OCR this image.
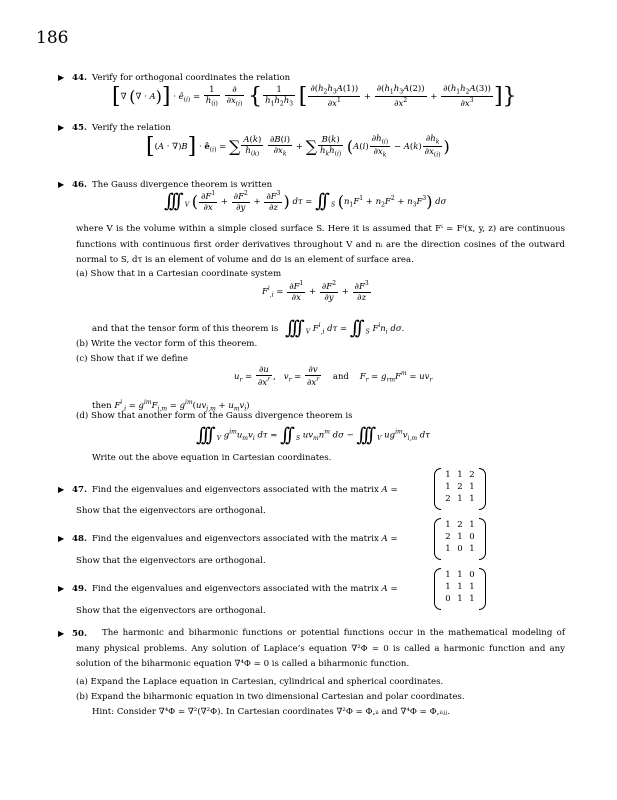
186
▶ 44. Verify for orthogonal coordinates the relation
[∇ (∇ · $A)] \cdot ê_{(i)} = \frac{1}{h_{(i)}}$
$\frac{\partial}{\partial x_{(i)}}$ { $\frac{1}{h_1h_2h_3}$ [ $\frac{\partial(h_2h_3A(1))}{\partial x^1} + \frac{\partial(h_1h_3A(2))}{\partial x^2} + \frac{\partial(h_1h_2A(3))}{\partial x^3}$ ]}
▶ 45. Verify the relation
$[(A \cdot \nabla)B] \cdot ê_{(i)}$ = ∑ $\frac{A(k)}{h_{(k)}}$
$\frac{\partial B(i)}{\partial x_k}$ + ∑ $\frac{B(k)}{h_kh_{(i)}} (A(i) \frac{\partial h_{(i)}}{\partial x_k} - A(k) \frac{\partial h_k}{\partial x_{(i)}}$ )
▶ 46. The Gauss divergence theorem is written
∫∫∫ $_V$ ( $\frac{\partial F^1}{\partial x} + \frac{\partial F^2}{\partial y} + \frac{\partial F^3}{\partial z}$ ) dτ = ∫∫ $_S$ $(n_1F^1 + n_2F^2 + n_3F^3)$ dσ
where V is the volume within a simple closed surface S. Here it is assumed that Fⁱ = Fⁱ(x, y, z) are continuous functions with continuous first order derivatives throughout V and nᵢ are the direction cosines of the outward normal to S, dτ is an element of volume and dσ is an element of surface area.
(a) Show that in a Cartesian coordinate system
$F^i_{,i} = \frac{\partial F^1}{\partial x} + \frac{\partial F^2}{\partial y} + \frac{\partial F^3}{\partial z}$
and that the tensor form of this theorem is ∫∫∫ $_V$ $F^i_{,i}$ dτ = ∫∫ $_S$ $F^in_i$ dσ.
(b) Write the vector form of this theorem.
(c) Show that if we define
$u_r = \frac{\partial u}{\partial x^r}$ ,   $v_r = \frac{\partial v}{\partial x^r}$ and $F_r = g_{rm}F^m = uv_r$
then $F^i_{,i} = g^{im}F_{i,m} = g^{im}(uv_{i,m} + u_mv_i)$
(d) Show that another form of the Gauss divergence theorem is
∫∫∫ $_V$ $g^{im}u_mv_i$ dτ = ∫∫ $_S$ $uv_mn^m$ dσ − ∫∫∫ $_V$ $ug^{im}v_{i,m}$ dτ
Write out the above equation in Cartesian coordinates.
▶ 47. Find the eigenvalues and eigenvectors associated with the matrix A =
1	1	2
1	2	1
2	1	1
Show that the eigenvectors are orthogonal.
▶ 48. Find the eigenvalues and eigenvectors associated with the matrix A =
1	2	1
2	1	0
1	0	1
Show that the eigenvectors are orthogonal.
▶ 49. Find the eigenvalues and eigenvectors associated with the matrix A =
1	1	0
1	1	1
0	1	1
Show that the eigenvectors are orthogonal.
▶ 50.	The harmonic and biharmonic functions or potential functions occur in the mathematical modeling of many physical problems. Any solution of Laplace’s equation ∇²Φ = 0 is called a harmonic function and any solution of the biharmonic equation ∇⁴Φ = 0 is called a biharmonic function.
(a) Expand the Laplace equation in Cartesian, cylindrical and spherical coordinates.
(b) Expand the biharmonic equation in two dimensional Cartesian and polar coordinates.
Hint: Consider ∇⁴Φ = ∇²(∇²Φ). In Cartesian coordinates ∇²Φ = Φ,ᵢᵢ and ∇⁴Φ = Φ,ᵢᵢⱼⱼ.
